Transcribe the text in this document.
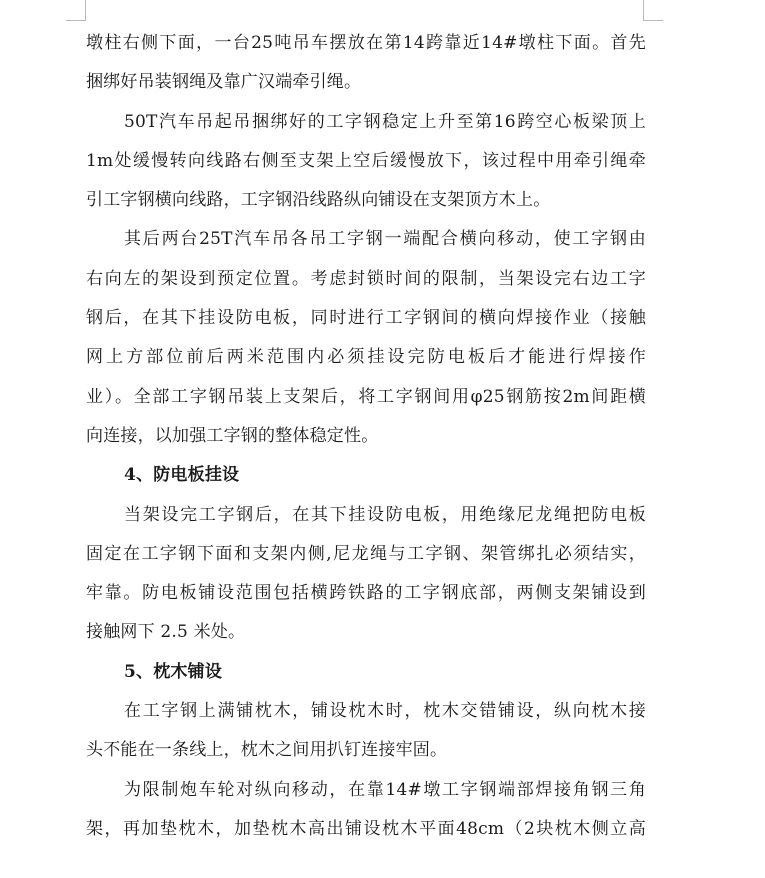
墩柱右侧下面，一台25吨吊车摆放在第14跨靠近14#墩柱下面。首先
捆绑好吊装钢绳及靠广汉端牵引绳。
50T汽车吊起吊捆绑好的工字钢稳定上升至第16跨空心板梁顶上
1m处缓慢转向线路右侧至支架上空后缓慢放下，该过程中用牵引绳牵
引工字钢横向线路，工字钢沿线路纵向铺设在支架顶方木上。
其后两台25T汽车吊各吊工字钢一端配合横向移动，使工字钢由
右向左的架设到预定位置。考虑封锁时间的限制，当架设完右边工字
钢后，在其下挂设防电板，同时进行工字钢间的横向焊接作业（接触
网上方部位前后两米范围内必须挂设完防电板后才能进行焊接作
业）。全部工字钢吊装上支架后，将工字钢间用φ25钢筋按2m间距横
向连接，以加强工字钢的整体稳定性。
4、防电板挂设
当架设完工字钢后，在其下挂设防电板，用绝缘尼龙绳把防电板
固定在工字钢下面和支架内侧,尼龙绳与工字钢、架管绑扎必须结实，
牢靠。防电板铺设范围包括横跨铁路的工字钢底部，两侧支架铺设到
接触网下 2.5 米处。
5、枕木铺设
在工字钢上满铺枕木，铺设枕木时，枕木交错铺设，纵向枕木接
头不能在一条线上，枕木之间用扒钉连接牢固。
为限制炮车轮对纵向移动，在靠14#墩工字钢端部焊接角钢三角
架，再加垫枕木，加垫枕木高出铺设枕木平面48cm（2块枕木侧立高
